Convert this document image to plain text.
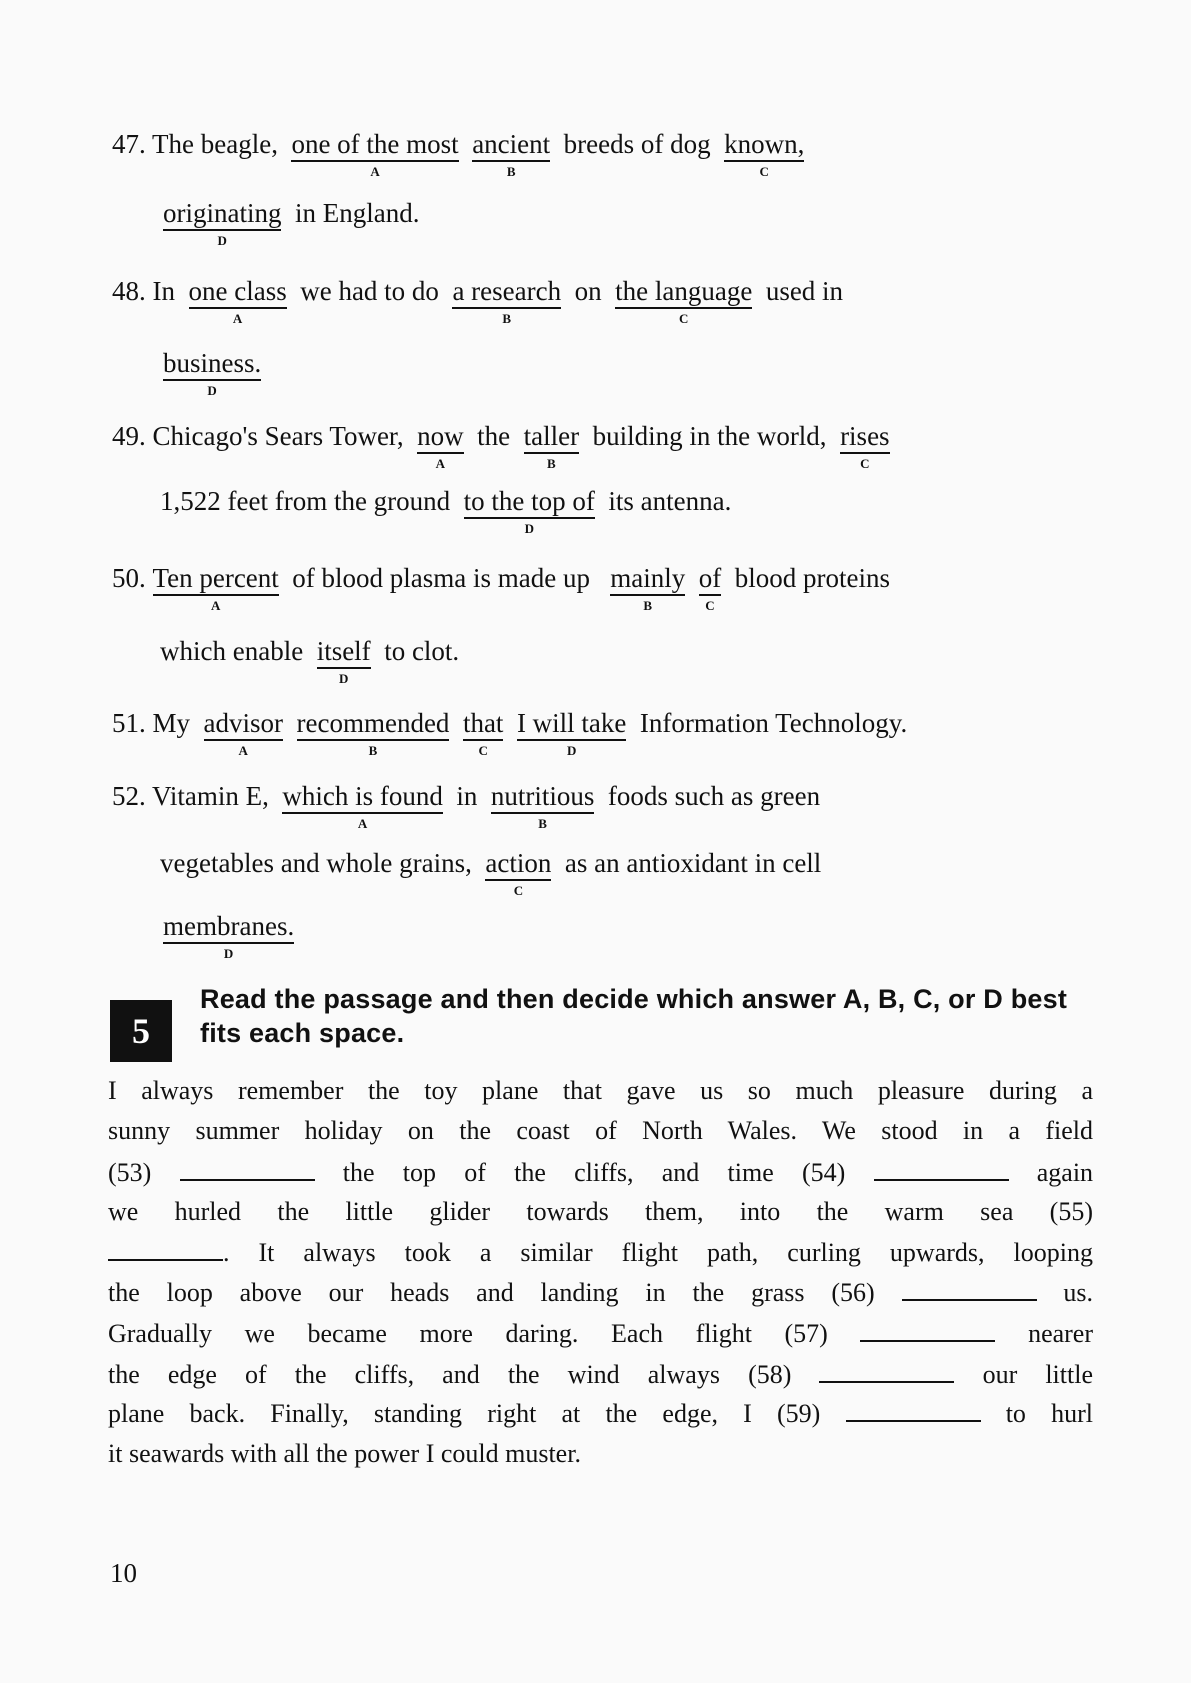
47. The beagle, one of the most
A
ancient
B
breeds of dog known,
C
originating
D
in England.
48. In one class
A
we had to do a research
B
on the language
C
used in
business.
D
49. Chicago's Sears Tower, now
A
the taller
B
building in the world, rises
C
1,522 feet from the ground to the top of
D
its antenna.
50. Ten percent
A
of blood plasma is made up mainly
B
of
C
blood proteins
which enable itself
D
to clot.
51. My advisor
A
recommended
B
that
C
I will take
D
Information Technology.
52. Vitamin E, which is found
A
in nutritious
B
foods such as green
vegetables and whole grains, action
C
as an antioxidant in cell
membranes.
D
5
Read the passage and then decide which answer A, B, C, or D best fits each space.
I always remember the toy plane that gave us so much pleasure during a
sunny summer holiday on the coast of North Wales. We stood in a field
(53)	the top of the cliffs, and time (54)	again
we hurled the little glider towards them, into the warm sea (55)
. It always took a similar flight path, curling upwards, looping
the loop above our heads and landing in the grass (56)	us.
Gradually we became more daring. Each flight (57)	nearer
the edge of the cliffs, and the wind always (58)	our little
plane back. Finally, standing right at the edge, I (59)	to hurl
it seawards with all the power I could muster.
10
